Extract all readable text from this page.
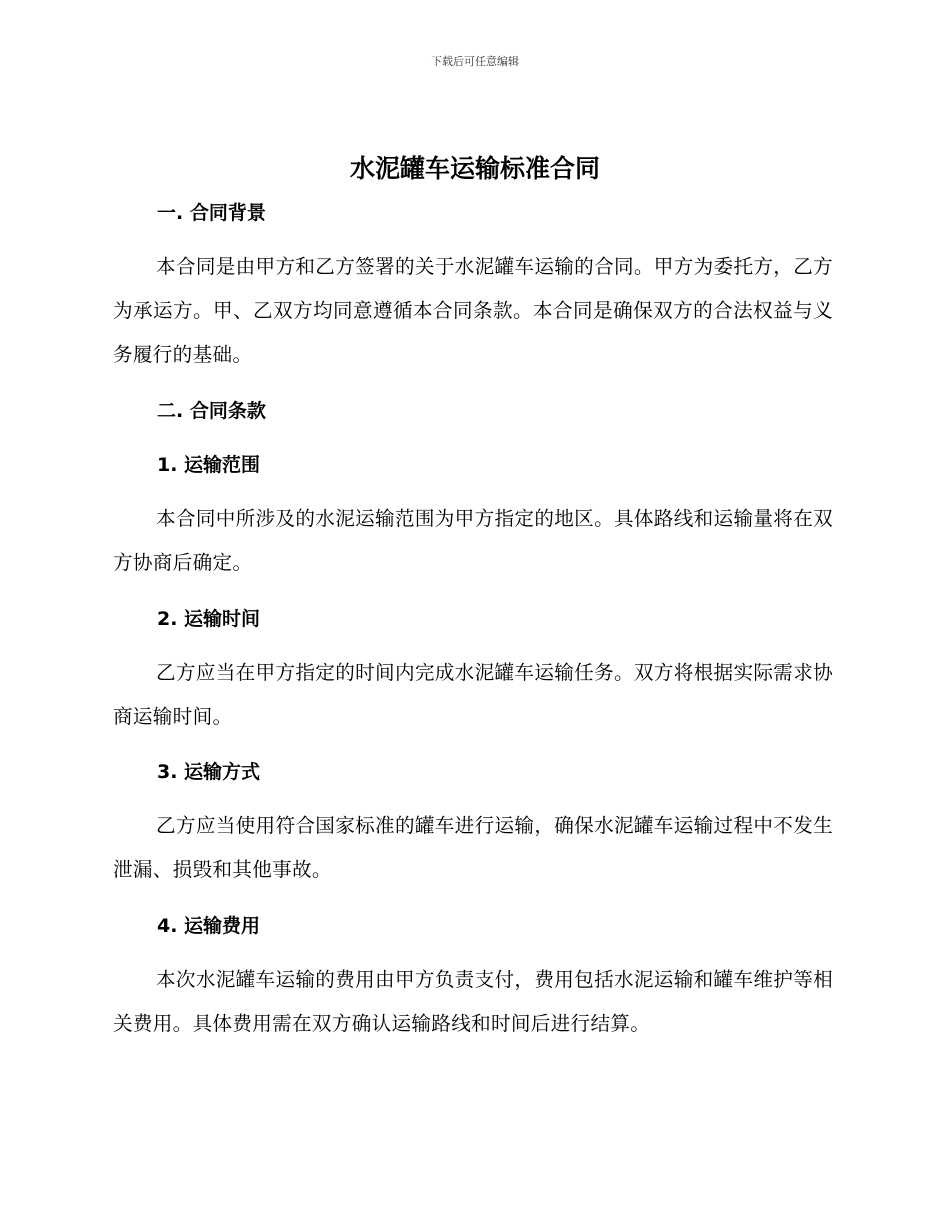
下载后可任意编辑
水泥罐车运输标准合同
一. 合同背景

本合同是由甲方和乙方签署的关于水泥罐车运输的合同。甲方为委托方，乙方为承运方。甲、乙双方均同意遵循本合同条款。本合同是确保双方的合法权益与义务履行的基础。

二. 合同条款
1. 运输范围

本合同中所涉及的水泥运输范围为甲方指定的地区。具体路线和运输量将在双方协商后确定。

2. 运输时间

乙方应当在甲方指定的时间内完成水泥罐车运输任务。双方将根据实际需求协商运输时间。

3. 运输方式

乙方应当使用符合国家标准的罐车进行运输，确保水泥罐车运输过程中不发生泄漏、损毁和其他事故。

4. 运输费用

本次水泥罐车运输的费用由甲方负责支付，费用包括水泥运输和罐车维护等相关费用。具体费用需在双方确认运输路线和时间后进行结算。
